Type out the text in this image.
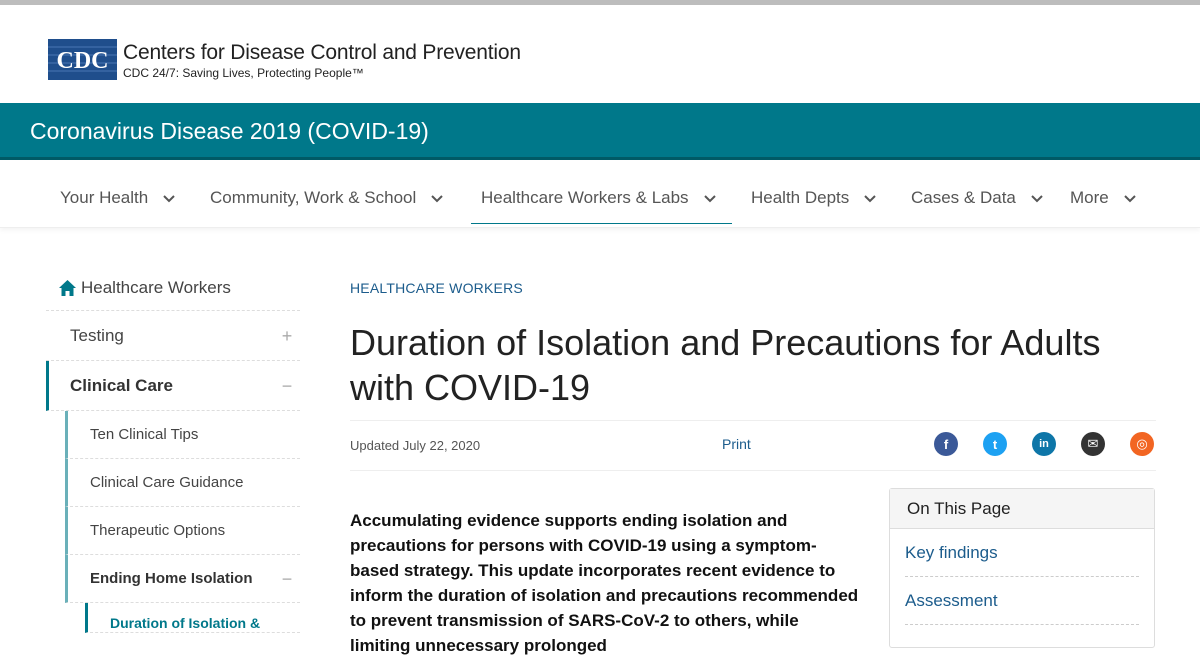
CDC Centers for Disease Control and Prevention
CDC 24/7: Saving Lives, Protecting People™
Coronavirus Disease 2019 (COVID-19)
Your Health	Community, Work & School	Healthcare Workers & Labs	Health Depts	Cases & Data	More
Healthcare Workers
Testing	+
Clinical Care	−
Ten Clinical Tips
Clinical Care Guidance
Therapeutic Options
Ending Home Isolation −
Duration of Isolation &
HEALTHCARE WORKERS
Duration of Isolation and Precautions for Adults with COVID-19
Updated July 22, 2020	Print	f	t	in	✉	◎

Accumulating evidence supports ending isolation and precautions for persons with COVID-19 using a symptom-based strategy. This update incorporates recent evidence to inform the duration of isolation and precautions recommended to prevent transmission of SARS-CoV-2 to others, while limiting unnecessary prolonged

On This Page
Key findings
Assessment
